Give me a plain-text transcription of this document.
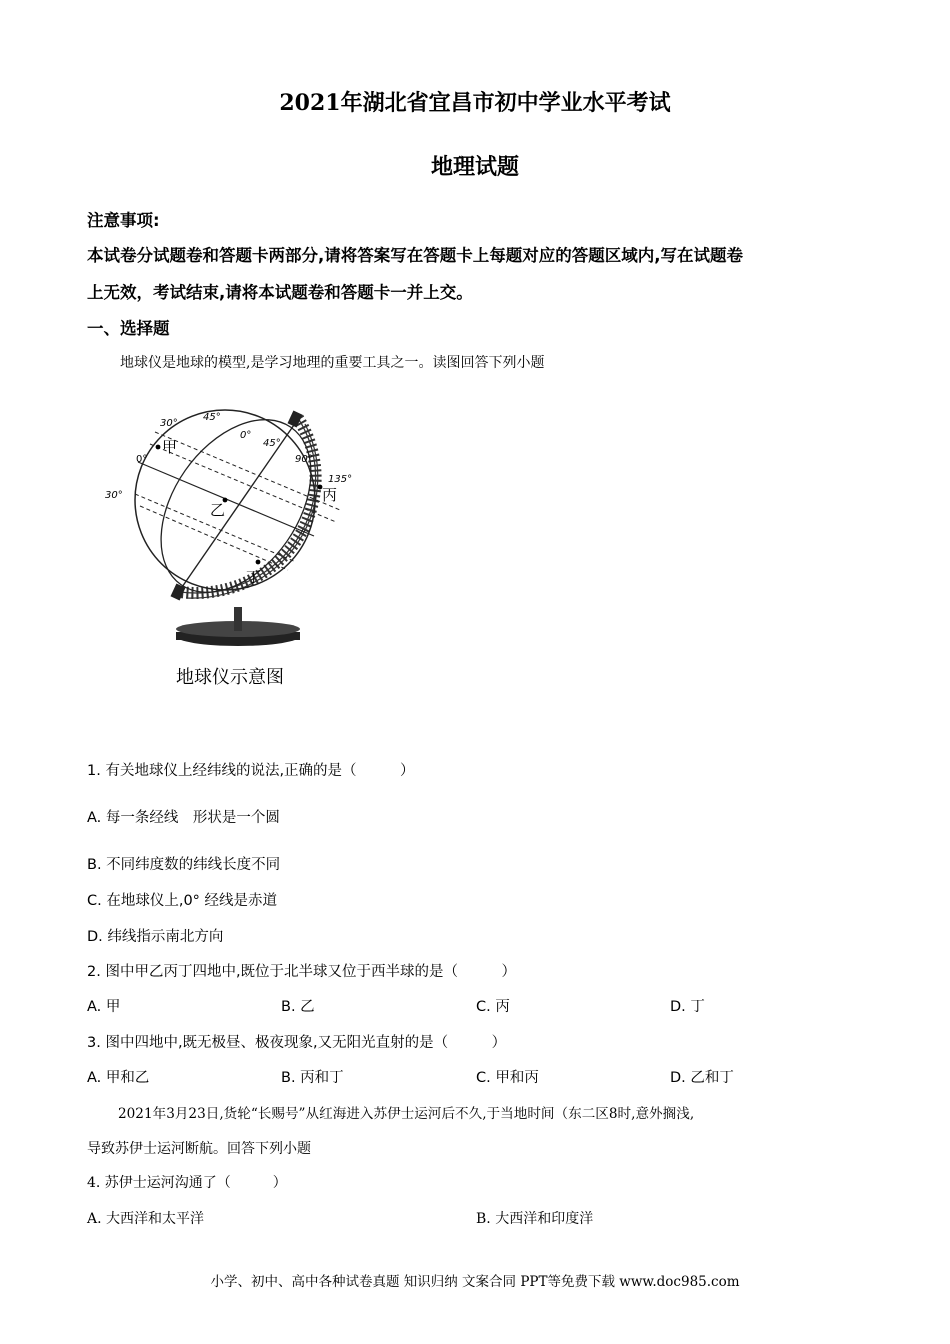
2021年湖北省宜昌市初中学业水平考试
地理试题
注意事项:
本试卷分试题卷和答题卡两部分,请将答案写在答题卡上每题对应的答题区域内,写在试题卷
上无效，考试结束,请将本试题卷和答题卡一并上交。
一、选择题
地球仪是地球的模型,是学习地理的重要工具之一。读图回答下列小题
30°
45°
0°
45°
90°
135°
0°
30°
甲
乙
丙
丁
地球仪示意图
1. 有关地球仪上经纬线的说法,正确的是（　　　）
A. 每一条经线　形状是一个圆
B. 不同纬度数的纬线长度不同
C. 在地球仪上,0° 经线是赤道
D. 纬线指示南北方向
2. 图中甲乙丙丁四地中,既位于北半球又位于西半球的是（　　　）
A. 甲	B. 乙	C. 丙	D. 丁
3. 图中四地中,既无极昼、极夜现象,又无阳光直射的是（　　　）
A. 甲和乙	B. 丙和丁	C. 甲和丙	D. 乙和丁
2021年3月23日,货轮“长赐号”从红海进入苏伊士运河后不久,于当地时间（东二区8时,意外搁浅,
导致苏伊士运河断航。回答下列小题
4. 苏伊士运河沟通了（　　　）
A. 大西洋和太平洋	B. 大西洋和印度洋
小学、初中、高中各种试卷真题 知识归纳 文案合同 PPT等免费下载 www.doc985.com
